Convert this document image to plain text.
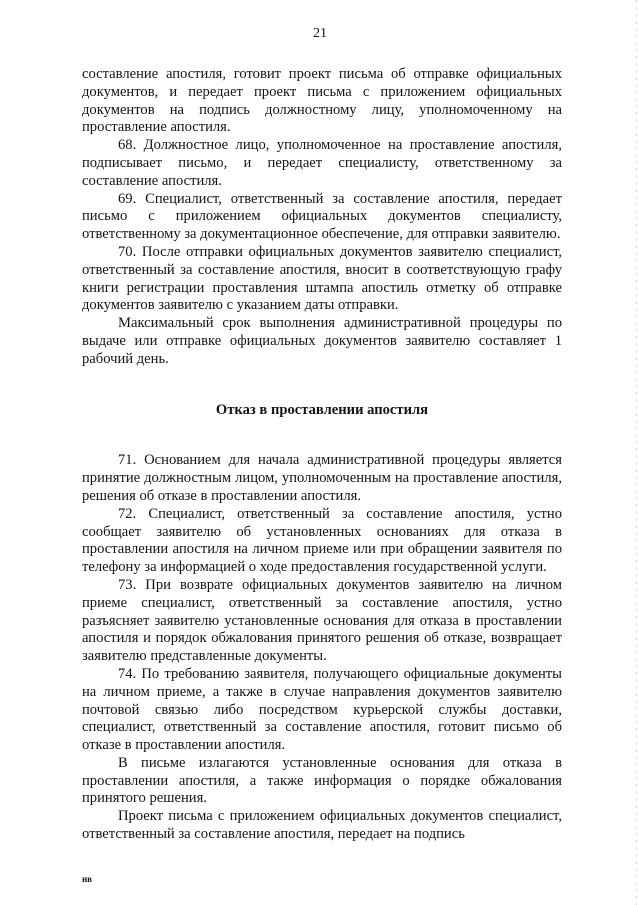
21

составление апостиля, готовит проект письма об отправке официальных документов, и передает проект письма с приложением официальных документов на подпись должностному лицу, уполномоченному на проставление апостиля.

68. Должностное лицо, уполномоченное на проставление апостиля, подписывает письмо, и передает специалисту, ответственному за составление апостиля.

69. Специалист, ответственный за составление апостиля, передает письмо с приложением официальных документов специалисту, ответственному за документационное обеспечение, для отправки заявителю.

70. После отправки официальных документов заявителю специалист, ответственный за составление апостиля, вносит в соответствующую графу книги регистрации проставления штампа апостиль отметку об отправке документов заявителю с указанием даты отправки.

Максимальный срок выполнения административной процедуры по выдаче или отправке официальных документов заявителю составляет 1 рабочий день.

Отказ в проставлении апостиля

71. Основанием для начала административной процедуры является принятие должностным лицом, уполномоченным на проставление апостиля, решения об отказе в проставлении апостиля.

72. Специалист, ответственный за составление апостиля, устно сообщает заявителю об установленных основаниях для отказа в проставлении апостиля на личном приеме или при обращении заявителя по телефону за информацией о ходе предоставления государственной услуги.

73. При возврате официальных документов заявителю на личном приеме специалист, ответственный за составление апостиля, устно разъясняет заявителю установленные основания для отказа в проставлении апостиля и порядок обжалования принятого решения об отказе, возвращает заявителю представленные документы.

74. По требованию заявителя, получающего официальные документы на личном приеме, а также в случае направления документов заявителю почтовой связью либо посредством курьерской службы доставки, специалист, ответственный за составление апостиля, готовит письмо об отказе в проставлении апостиля.

В письме излагаются установленные основания для отказа в проставлении апостиля, а также информация о порядке обжалования принятого решения.

Проект письма с приложением официальных документов специалист, ответственный за составление апостиля, передает на подпись

нв
